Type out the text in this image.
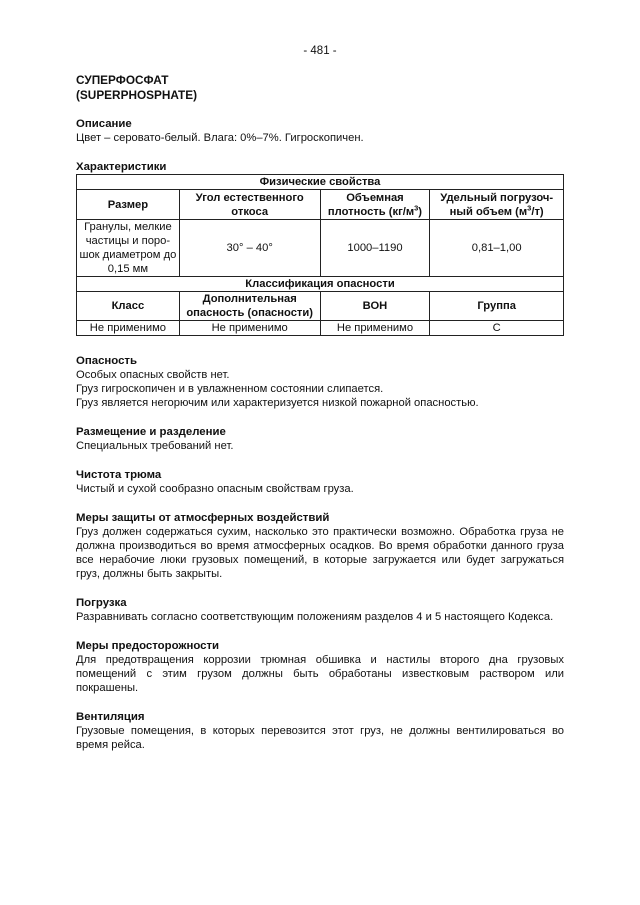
- 481 -
СУПЕРФОСФАТ
(SUPERPHOSPHATE)
Описание

Цвет – серовато-белый. Влага: 0%–7%. Гигроскопичен.

Характеристики
Физические свойства			
Размер	Угол естественного откоса	Объемная плотность $(кг/м^3)$	Удельный погрузоч-ный объем $(м^3/т)$
Гранулы, мелкие частицы и поро-шок диаметром до 0,15 мм	30° – 40°	1000–1190	0,81–1,00
Классификация опасности			
Класс	Дополнительная опасность (опасности)	ВОН	Группа
Не применимо	Не применимо	Не применимо	C
Опасность

Особых опасных свойств нет.

Груз гигроскопичен и в увлажненном состоянии слипается.

Груз является негорючим или характеризуется низкой пожарной опасностью.

Размещение и разделение

Специальных требований нет.

Чистота трюма

Чистый и сухой сообразно опасным свойствам груза.

Меры защиты от атмосферных воздействий

Груз должен содержаться сухим, насколько это практически возможно. Обработка груза не должна производиться во время атмосферных осадков. Во время обработки данного груза все нерабочие люки грузовых помещений, в которые загружается или будет загружаться груз, должны быть закрыты.

Погрузка

Разравнивать согласно соответствующим положениям разделов 4 и 5 настоящего Кодекса.

Меры предосторожности

Для предотвращения коррозии трюмная обшивка и настилы второго дна грузовых помещений с этим грузом должны быть обработаны известковым раствором или покрашены.

Вентиляция

Грузовые помещения, в которых перевозится этот груз, не должны вентилироваться во время рейса.
